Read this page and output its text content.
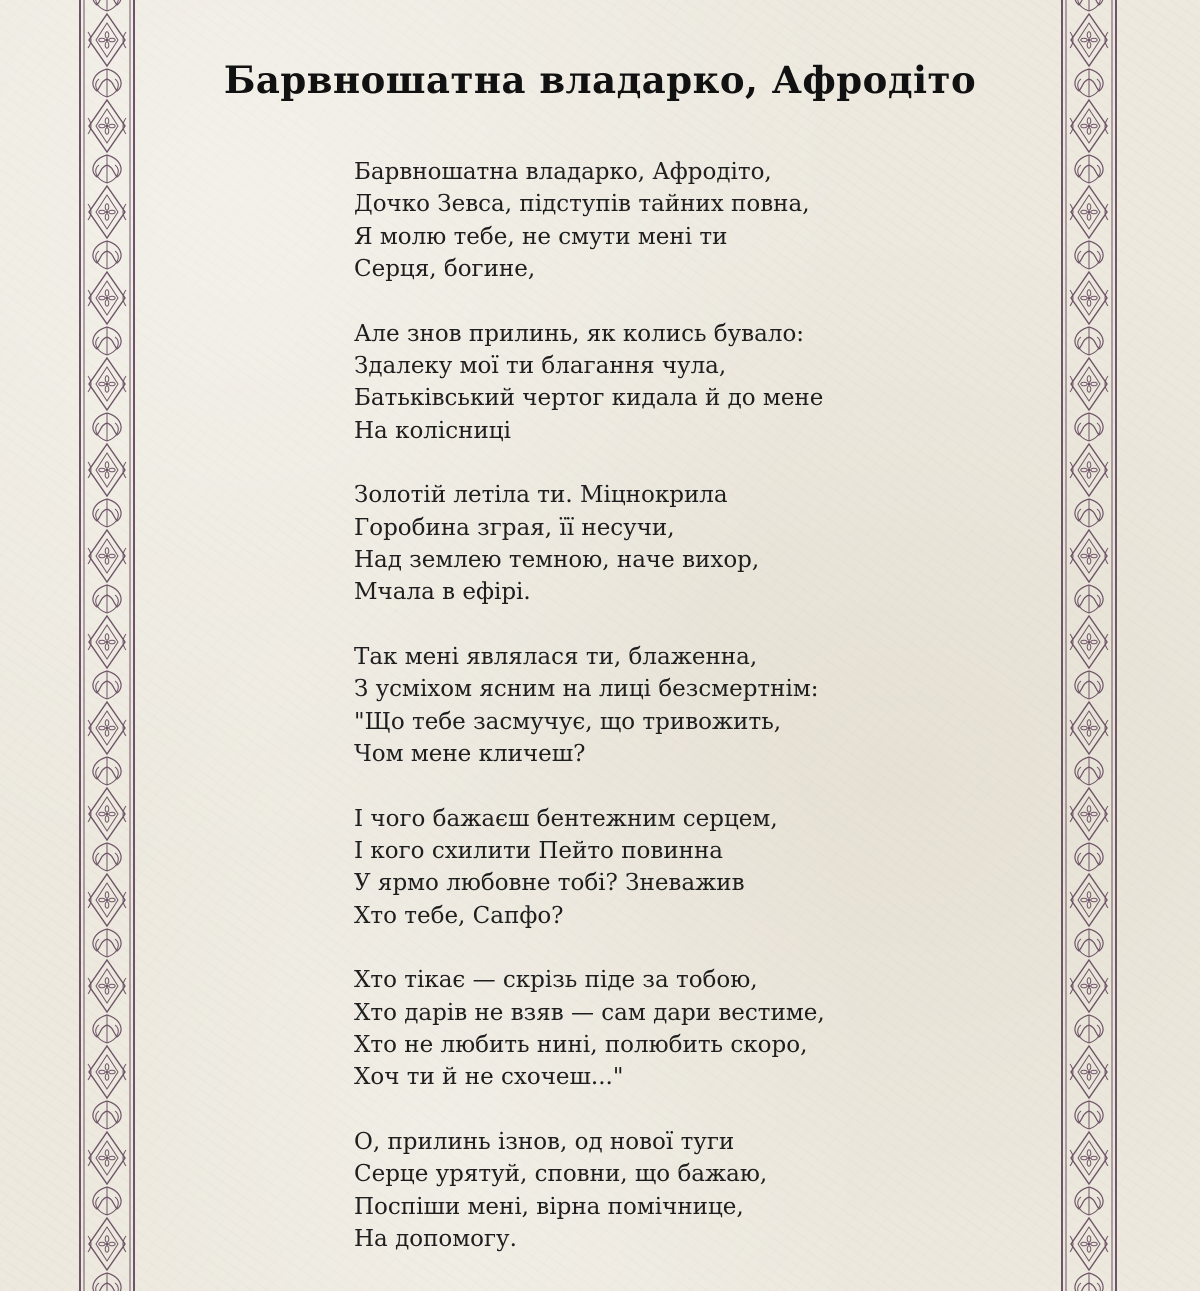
Барвношатна владарко, Афродіто
Барвношатна владарко, Афродіто,
Дочко Зевса, підступів тайних повна,
Я молю тебе, не смути мені ти
Серця, богине,
Але знов прилинь, як колись бувало:
Здалеку мої ти благання чула,
Батьківський чертог кидала й до мене
На колісниці
Золотій летіла ти. Міцнокрила
Горобина зграя, її несучи,
Над землею темною, наче вихор,
Мчала в ефірі.
Так мені являлася ти, блаженна,
З усміхом ясним на лиці безсмертнім:
"Що тебе засмучує, що тривожить,
Чом мене кличеш?
І чого бажаєш бентежним серцем,
І кого схилити Пейто повинна
У ярмо любовне тобі? Зневажив
Хто тебе, Сапфо?
Хто тікає — скрізь піде за тобою,
Хто дарів не взяв — сам дари вестиме,
Хто не любить нині, полюбить скоро,
Хоч ти й не схочеш..."
О, прилинь ізнов, од нової туги
Серце урятуй, сповни, що бажаю,
Поспіши мені, вірна помічнице,
На допомогу.
